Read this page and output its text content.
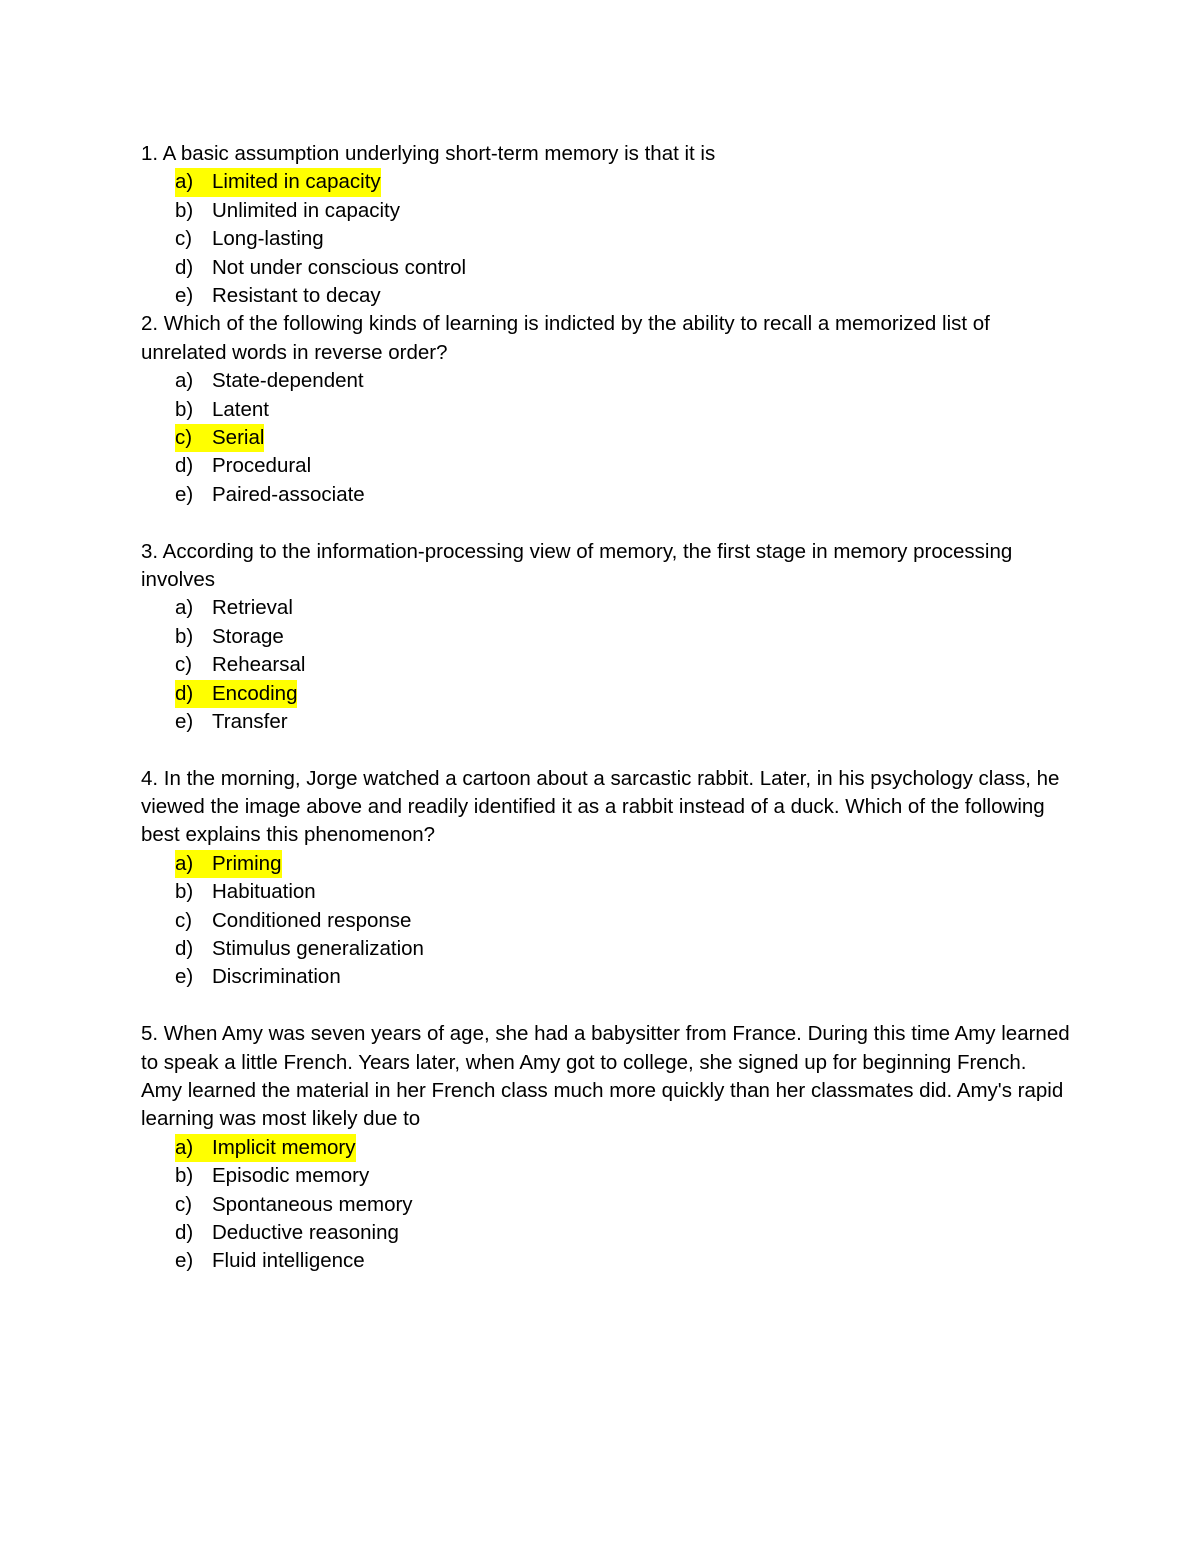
1. A basic assumption underlying short-term memory is that it is

a) Limited in capacity
b) Unlimited in capacity
c) Long-lasting
d) Not under conscious control
e) Resistant to decay

2. Which of the following kinds of learning is indicted by the ability to recall a memorized list of unrelated words in reverse order?

a) State-dependent
b) Latent
c) Serial
d) Procedural
e) Paired-associate

3. According to the information-processing view of memory, the first stage in memory processing involves

a) Retrieval
b) Storage
c) Rehearsal
d) Encoding
e) Transfer

4. In the morning, Jorge watched a cartoon about a sarcastic rabbit. Later, in his psychology class, he viewed the image above and readily identified it as a rabbit instead of a duck. Which of the following best explains this phenomenon?

a) Priming
b) Habituation
c) Conditioned response
d) Stimulus generalization
e) Discrimination

5. When Amy was seven years of age, she had a babysitter from France. During this time Amy learned to speak a little French. Years later, when Amy got to college, she signed up for beginning French. Amy learned the material in her French class much more quickly than her classmates did. Amy's rapid learning was most likely due to

a) Implicit memory
b) Episodic memory
c) Spontaneous memory
d) Deductive reasoning
e) Fluid intelligence
